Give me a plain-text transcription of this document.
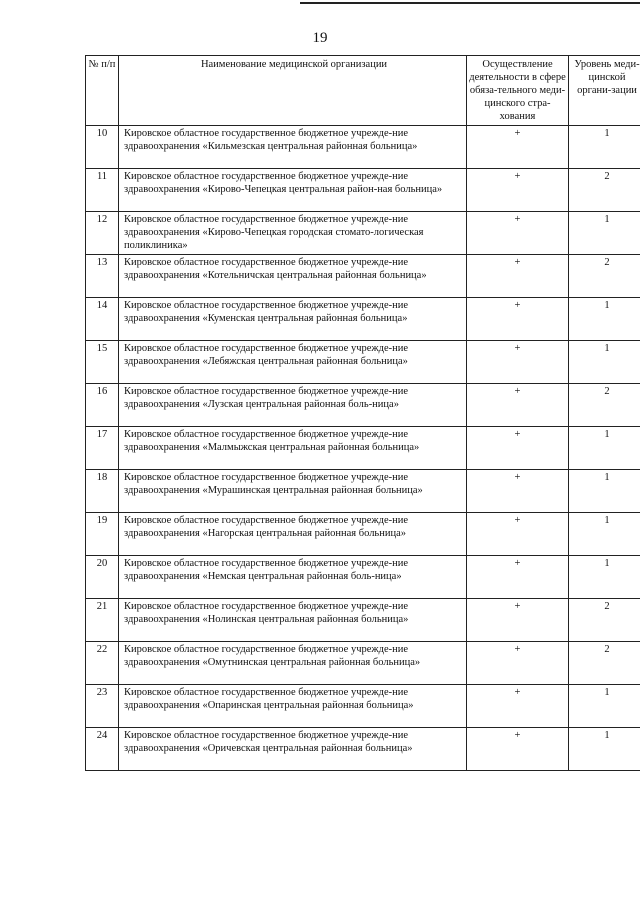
19
№ п/п	Наименование медицинской организации	Осуществление деятельности в сфере обяза-тельного меди-цинского стра-хования	Уровень меди-цинской органи-зации
10	Кировское областное государственное бюджетное учрежде-ние здравоохранения «Кильмезская центральная районная больница»	+	1
11	Кировское областное государственное бюджетное учрежде-ние здравоохранения «Кирово-Чепецкая центральная район-ная больница»	+	2
12	Кировское областное государственное бюджетное учрежде-ние здравоохранения «Кирово-Чепецкая городская стомато-логическая поликлиника»	+	1
13	Кировское областное государственное бюджетное учрежде-ние здравоохранения «Котельничская центральная районная больница»	+	2
14	Кировское областное государственное бюджетное учрежде-ние здравоохранения «Куменская центральная районная больница»	+	1
15	Кировское областное государственное бюджетное учрежде-ние здравоохранения «Лебяжская центральная районная больница»	+	1
16	Кировское областное государственное бюджетное учрежде-ние здравоохранения «Лузская центральная районная боль-ница»	+	2
17	Кировское областное государственное бюджетное учрежде-ние здравоохранения «Малмыжская центральная районная больница»	+	1
18	Кировское областное государственное бюджетное учрежде-ние здравоохранения «Мурашинская центральная районная больница»	+	1
19	Кировское областное государственное бюджетное учрежде-ние здравоохранения «Нагорская центральная районная больница»	+	1
20	Кировское областное государственное бюджетное учрежде-ние здравоохранения «Немская центральная районная боль-ница»	+	1
21	Кировское областное государственное бюджетное учрежде-ние здравоохранения «Нолинская центральная районная больница»	+	2
22	Кировское областное государственное бюджетное учрежде-ние здравоохранения «Омутнинская центральная районная больница»	+	2
23	Кировское областное государственное бюджетное учрежде-ние здравоохранения «Опаринская центральная районная больница»	+	1
24	Кировское областное государственное бюджетное учрежде-ние здравоохранения «Оричевская центральная районная больница»	+	1
